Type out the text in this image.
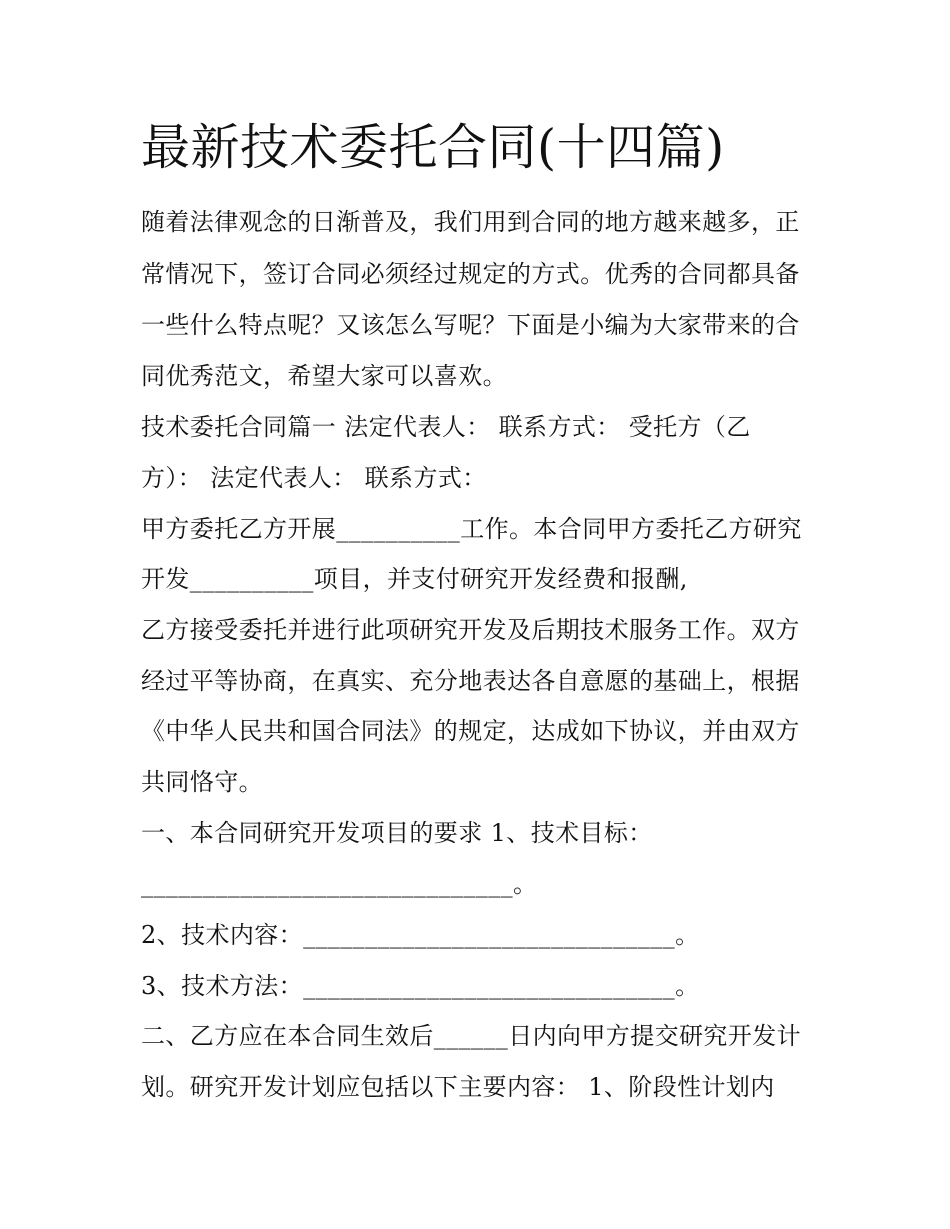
最新技术委托合同(十四篇)
随着法律观念的日渐普及，我们用到合同的地方越来越多，正
常情况下，签订合同必须经过规定的方式。优秀的合同都具备
一些什么特点呢？又该怎么写呢？下面是小编为大家带来的合
同优秀范文，希望大家可以喜欢。
技术委托合同篇一 法定代表人： 联系方式： 受托方（乙
方）： 法定代表人： 联系方式：
甲方委托乙方开展__________工作。本合同甲方委托乙方研究
开发__________项目，并支付研究开发经费和报酬,
乙方接受委托并进行此项研究开发及后期技术服务工作。双方
经过平等协商，在真实、充分地表达各自意愿的基础上，根据
《中华人民共和国合同法》的规定，达成如下协议，并由双方
共同恪守。
一、本合同研究开发项目的要求 1、技术目标：
______________________________。
2、技术内容：______________________________。
3、技术方法：______________________________。
二、乙方应在本合同生效后______日内向甲方提交研究开发计
划。研究开发计划应包括以下主要内容： 1、阶段性计划内
